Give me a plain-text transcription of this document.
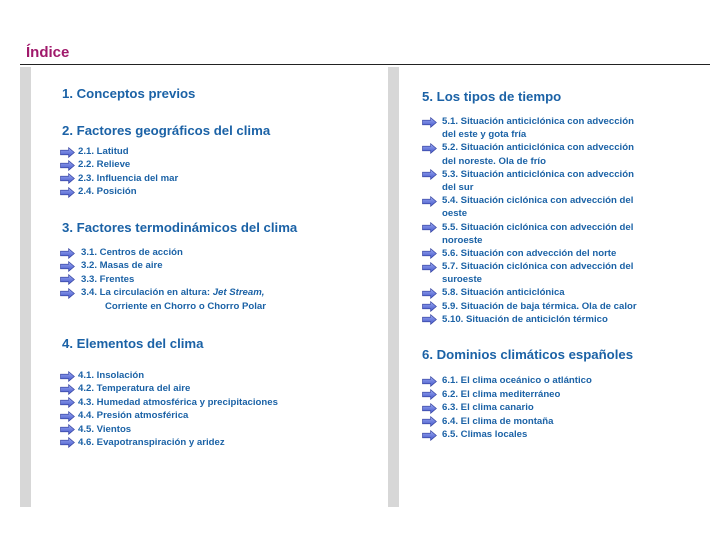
Índice
1. Conceptos previos
2. Factores geográficos del clima
2.1. Latitud
2.2. Relieve
2.3. Influencia del mar
2.4. Posición
3. Factores termodinámicos del clima
3.1. Centros de acción
3.2. Masas de aire
3.3. Frentes
3.4. La circulación en altura: Jet Stream,
Corriente en Chorro o Chorro Polar
4. Elementos del clima
4.1. Insolación
4.2. Temperatura del aire
4.3. Humedad atmosférica y precipitaciones
4.4. Presión atmosférica
4.5. Vientos
4.6. Evapotranspiración y aridez
5. Los tipos de tiempo
5.1. Situación anticiclónica con advección
del este y gota fría
5.2. Situación anticiclónica con advección
del noreste. Ola de frío
5.3. Situación anticiclónica con advección
del sur
5.4. Situación ciclónica con advección del
oeste
5.5. Situación ciclónica con advección del
noroeste
5.6. Situación con advección del norte
5.7. Situación ciclónica con advección del
suroeste
5.8. Situación anticiclónica
5.9. Situación de baja térmica. Ola de calor
5.10. Situación de anticiclón térmico
6. Dominios climáticos españoles
6.1. El clima oceánico o atlántico
6.2. El clima mediterráneo
6.3. El clima canario
6.4. El clima de montaña
6.5. Climas locales
